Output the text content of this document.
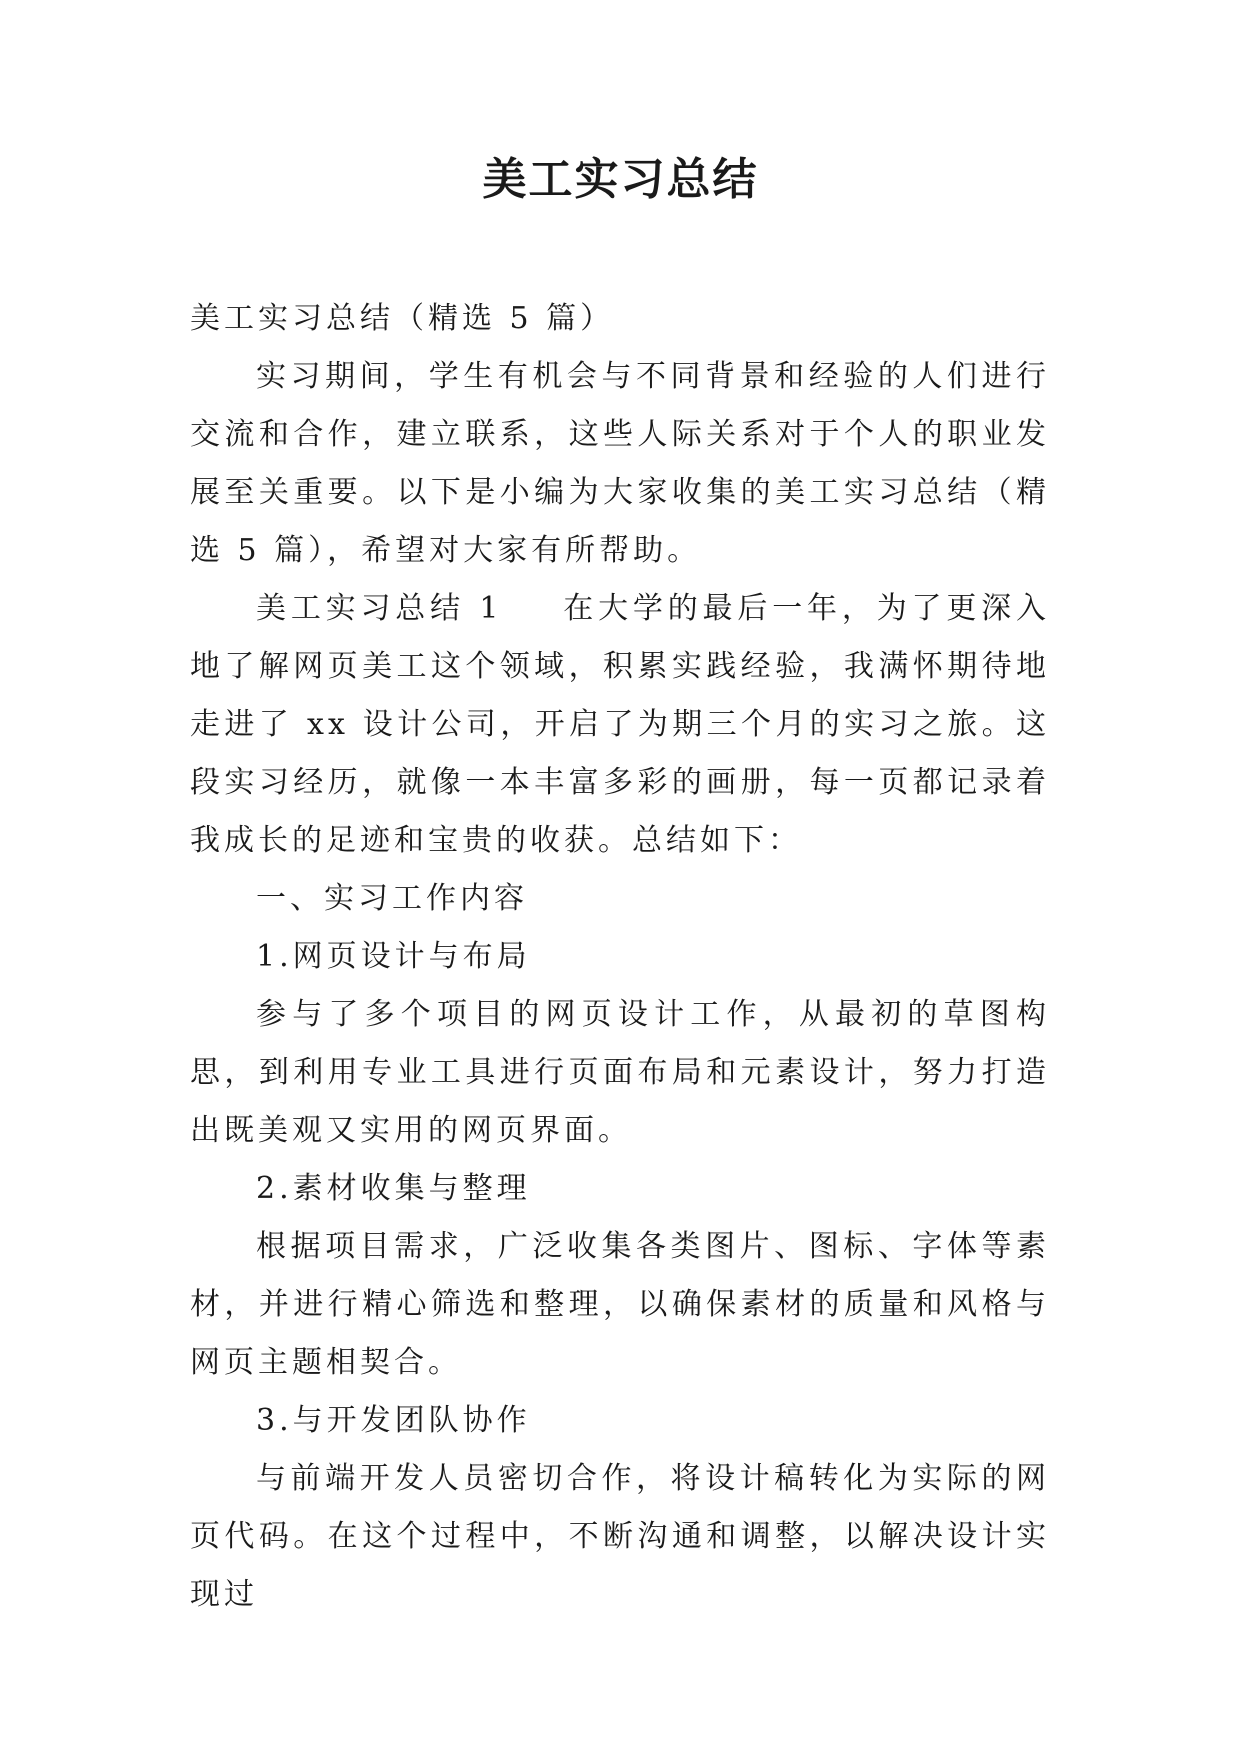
美工实习总结

美工实习总结（精选 5 篇）

实习期间，学生有机会与不同背景和经验的人们进行交流和合作，建立联系，这些人际关系对于个人的职业发展至关重要。以下是小编为大家收集的美工实习总结（精选 5 篇），希望对大家有所帮助。

美工实习总结 1 在大学的最后一年，为了更深入地了解网页美工这个领域，积累实践经验，我满怀期待地走进了 xx 设计公司，开启了为期三个月的实习之旅。这段实习经历，就像一本丰富多彩的画册，每一页都记录着我成长的足迹和宝贵的收获。总结如下：

一、实习工作内容

1.网页设计与布局

参与了多个项目的网页设计工作，从最初的草图构思，到利用专业工具进行页面布局和元素设计，努力打造出既美观又实用的网页界面。

2.素材收集与整理

根据项目需求，广泛收集各类图片、图标、字体等素材，并进行精心筛选和整理，以确保素材的质量和风格与网页主题相契合。

3.与开发团队协作

与前端开发人员密切合作，将设计稿转化为实际的网页代码。在这个过程中，不断沟通和调整，以解决设计实现过
